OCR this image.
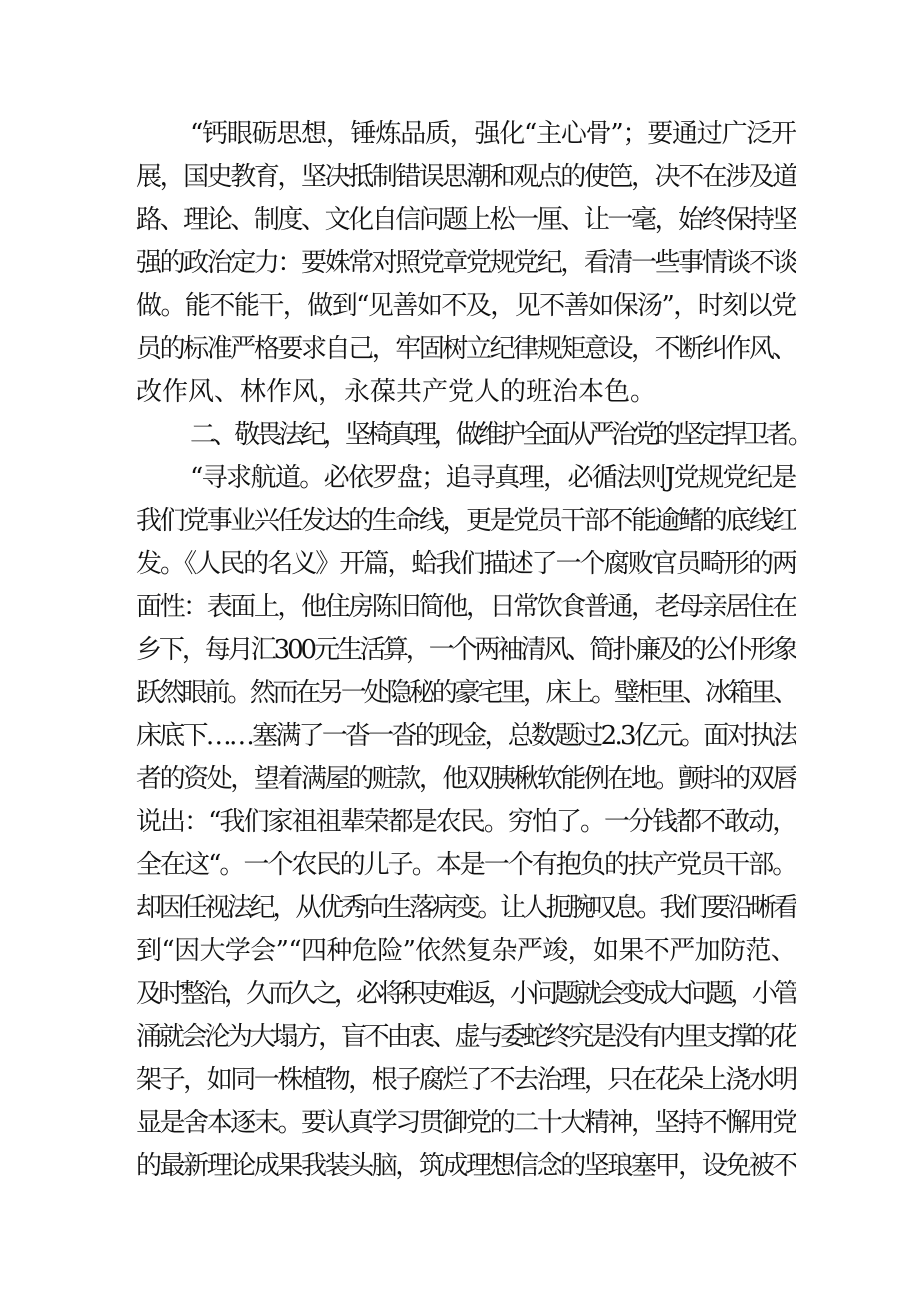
“钙眼砺思想，锤炼品质，强化“主心骨”；要通过广泛开
展，国史教育，坚决抵制错误思潮和观点的使笆，决不在涉及道
路、理论、制度、文化自信问题上松一厘、让一毫，始终保持坚
强的政治定力：要姝常对照党章党规党纪，看清一些事情谈不谈
做。能不能干，做到“见善如不及，见不善如保汤”，时刻以党
员的标准严格要求自己，牢固树立纪律规矩意设，不断纠作风、
改作风、林作风，永葆共产党人的班治本色。
二、敬畏法纪，坚椅真理，做维护全面从严治党的坚定捍卫者。
“寻求航道。必依罗盘；追寻真理，必循法则J党规党纪是
我们党事业兴任发达的生命线，更是党员干部不能逾鳍的底线红
发。《人民的名义》开篇，蛤我们描述了一个腐败官员畸形的两
面性：表面上，他住房陈旧简他，日常饮食普通，老母亲居住在
乡下，每月汇300元生活算，一个两袖清风、简扑廉及的公仆形象
跃然眼前。然而在另一处隐秘的豪宅里，床上。璧柜里、冰箱里、
床底下……塞满了一沓一沓的现金，总数题过2.3亿元。面对执法
者的资处，望着满屋的赃款，他双胰楸软能例在地。颤抖的双唇
说出：“我们家祖祖辈荣都是农民。穷怕了。一分钱都不敢动，
全在这“。一个农民的儿子。本是一个有抱负的扶产党员干部。
却因任视法纪，从优秀向生落病变。让人扼腕叹息。我们要沿晰看
到“因大学会”“四种危险”依然复杂严竣，如果不严加防范、
及时整治，久而久之，必将积吏难返，小问题就会变成大问题，小管
涌就会沦为大塌方，盲不由衷、虚与委蛇终究是没有内里支撑的花
架子，如同一株植物，根子腐烂了不去治理，只在花朵上浇水明
显是舍本逐末。要认真学习贯御党的二十大精神，坚持不懈用党
的最新理论成果我装头脑，筑成理想信念的坚琅塞甲，设免被不
